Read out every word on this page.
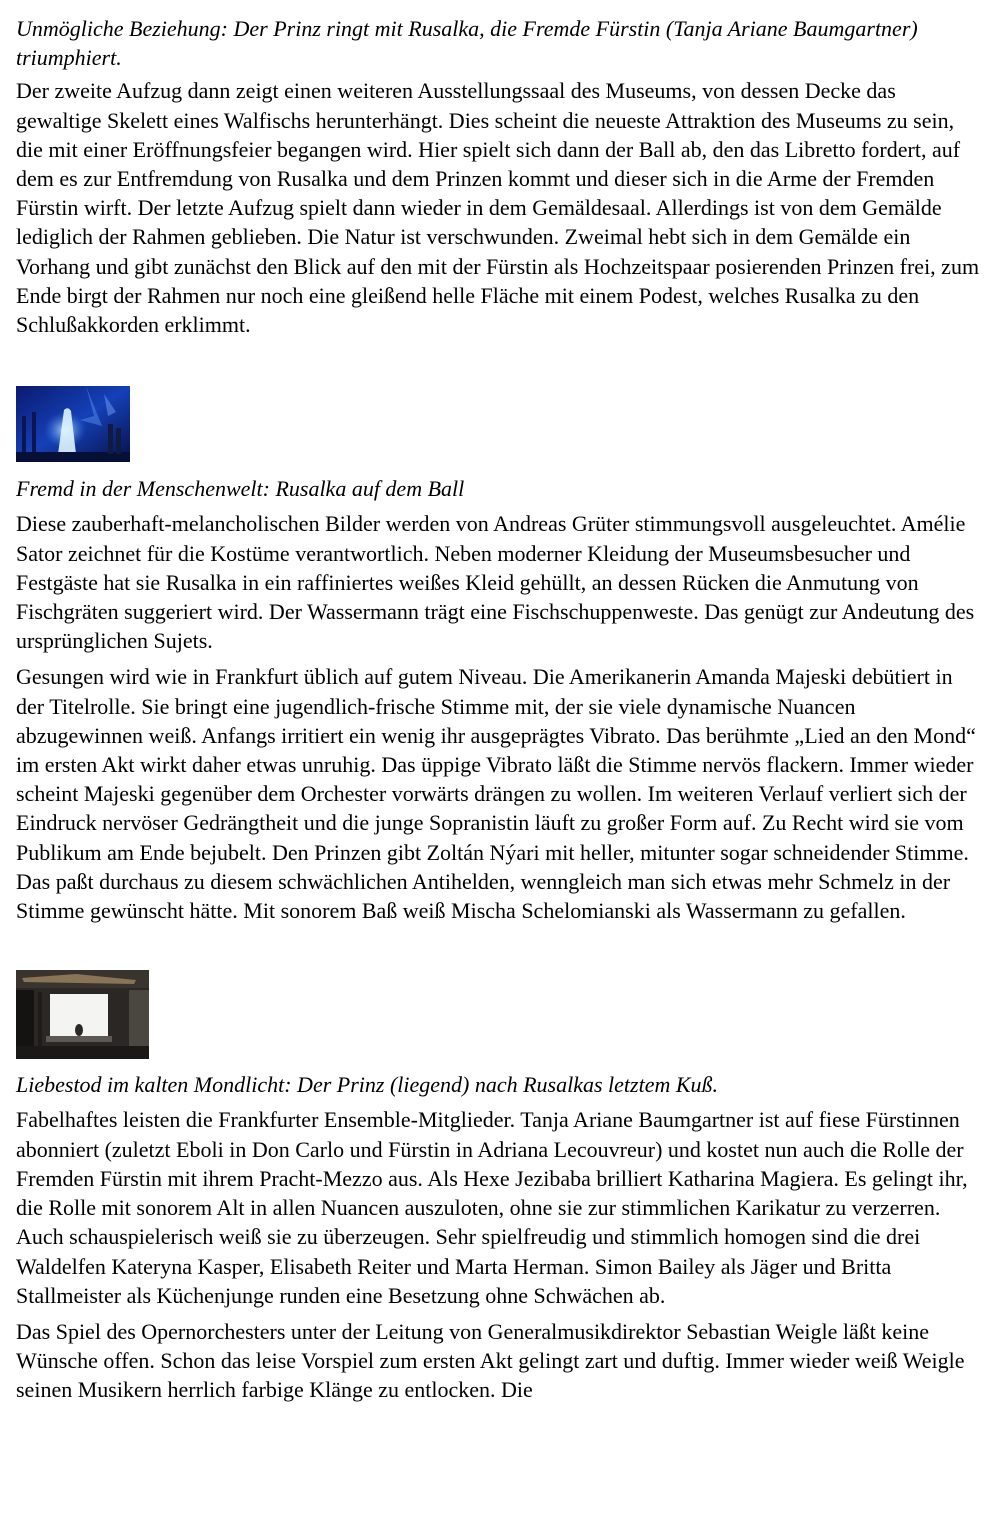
Unmögliche Beziehung: Der Prinz ringt mit Rusalka, die Fremde Fürstin (Tanja Ariane Baumgartner) triumphiert.

Der zweite Aufzug dann zeigt einen weiteren Ausstellungssaal des Museums, von dessen Decke das gewaltige Skelett eines Walfischs herunterhängt. Dies scheint die neueste Attraktion des Museums zu sein, die mit einer Eröffnungsfeier begangen wird. Hier spielt sich dann der Ball ab, den das Libretto fordert, auf dem es zur Entfremdung von Rusalka und dem Prinzen kommt und dieser sich in die Arme der Fremden Fürstin wirft. Der letzte Aufzug spielt dann wieder in dem Gemäldesaal. Allerdings ist von dem Gemälde lediglich der Rahmen geblieben. Die Natur ist verschwunden. Zweimal hebt sich in dem Gemälde ein Vorhang und gibt zunächst den Blick auf den mit der Fürstin als Hochzeitspaar posierenden Prinzen frei, zum Ende birgt der Rahmen nur noch eine gleißend helle Fläche mit einem Podest, welches Rusalka zu den Schlußakkorden erklimmt.

Fremd in der Menschenwelt: Rusalka auf dem Ball

Diese zauberhaft-melancholischen Bilder werden von Andreas Grüter stimmungsvoll ausgeleuchtet. Amélie Sator zeichnet für die Kostüme verantwortlich. Neben moderner Kleidung der Museumsbesucher und Festgäste hat sie Rusalka in ein raffiniertes weißes Kleid gehüllt, an dessen Rücken die Anmutung von Fischgräten suggeriert wird. Der Wassermann trägt eine Fischschuppenweste. Das genügt zur Andeutung des ursprünglichen Sujets.

Gesungen wird wie in Frankfurt üblich auf gutem Niveau. Die Amerikanerin Amanda Majeski debütiert in der Titelrolle. Sie bringt eine jugendlich-frische Stimme mit, der sie viele dynamische Nuancen abzugewinnen weiß. Anfangs irritiert ein wenig ihr ausgeprägtes Vibrato. Das berühmte „Lied an den Mond“ im ersten Akt wirkt daher etwas unruhig. Das üppige Vibrato läßt die Stimme nervös flackern. Immer wieder scheint Majeski gegenüber dem Orchester vorwärts drängen zu wollen. Im weiteren Verlauf verliert sich der Eindruck nervöser Gedrängtheit und die junge Sopranistin läuft zu großer Form auf. Zu Recht wird sie vom Publikum am Ende bejubelt. Den Prinzen gibt Zoltán Nýari mit heller, mitunter sogar schneidender Stimme. Das paßt durchaus zu diesem schwächlichen Antihelden, wenngleich man sich etwas mehr Schmelz in der Stimme gewünscht hätte. Mit sonorem Baß weiß Mischa Schelomianski als Wassermann zu gefallen.

Liebestod im kalten Mondlicht: Der Prinz (liegend) nach Rusalkas letztem Kuß.

Fabelhaftes leisten die Frankfurter Ensemble-Mitglieder. Tanja Ariane Baumgartner ist auf fiese Fürstinnen abonniert (zuletzt Eboli in Don Carlo und Fürstin in Adriana Lecouvreur) und kostet nun auch die Rolle der Fremden Fürstin mit ihrem Pracht-Mezzo aus. Als Hexe Jezibaba brilliert Katharina Magiera. Es gelingt ihr, die Rolle mit sonorem Alt in allen Nuancen auszuloten, ohne sie zur stimmlichen Karikatur zu verzerren. Auch schauspielerisch weiß sie zu überzeugen. Sehr spielfreudig und stimmlich homogen sind die drei Waldelfen Kateryna Kasper, Elisabeth Reiter und Marta Herman. Simon Bailey als Jäger und Britta Stallmeister als Küchenjunge runden eine Besetzung ohne Schwächen ab.

Das Spiel des Opernorchesters unter der Leitung von Generalmusikdirektor Sebastian Weigle läßt keine Wünsche offen. Schon das leise Vorspiel zum ersten Akt gelingt zart und duftig. Immer wieder weiß Weigle seinen Musikern herrlich farbige Klänge zu entlocken. Die
